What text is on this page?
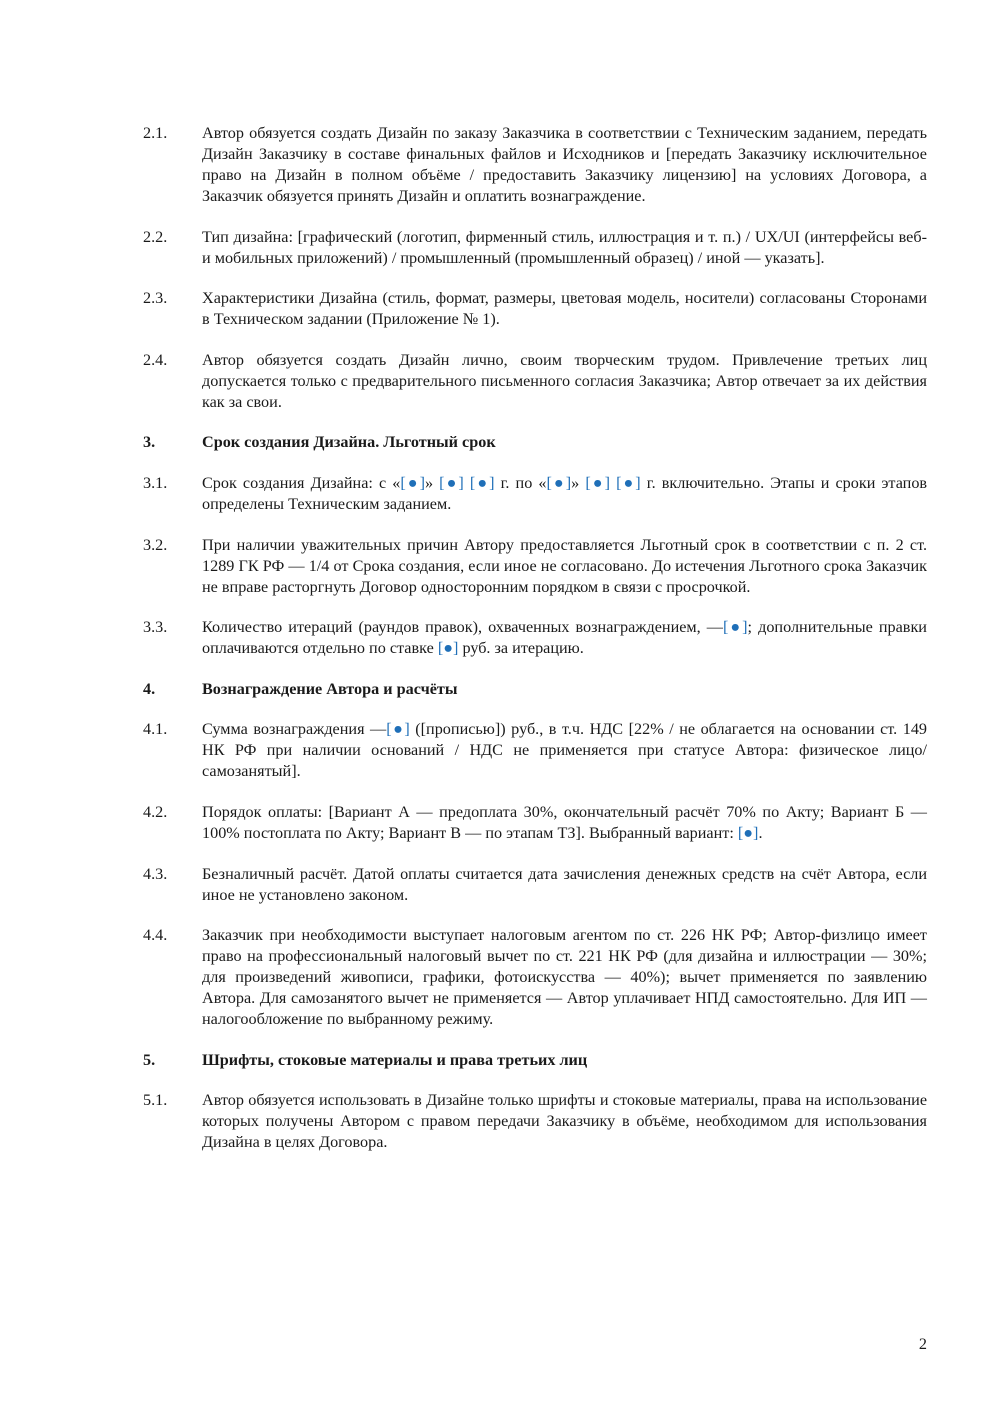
2.1.	Автор обязуется создать Дизайн по заказу Заказчика в соответствии с Техническим заданием, передать Дизайн Заказчику в составе финальных файлов и Исходников и [передать Заказчику исключительное право на Дизайн в полном объёме / предоставить Заказчику лицензию] на условиях Договора, а Заказчик обязуется принять Дизайн и оплатить вознаграждение.
2.2.	Тип дизайна: [графический (логотип, фирменный стиль, иллюстрация и т. п.) / UX/UI (интерфейсы веб- и мобильных приложений) / промышленный (промышленный образец) / иной — указать].
2.3.	Характеристики Дизайна (стиль, формат, размеры, цветовая модель, носители) согласованы Сторонами в Техническом задании (Приложение № 1).
2.4.	Автор обязуется создать Дизайн лично, своим творческим трудом. Привлечение третьих лиц допускается только с предварительного письменного согласия Заказчика; Автор отвечает за их действия как за свои.
3.	Срок создания Дизайна. Льготный срок
3.1.	Срок создания Дизайна: с «[●]» [●] [●] г. по «[●]» [●] [●] г. включительно. Этапы и сроки этапов определены Техническим заданием.
3.2.	При наличии уважительных причин Автору предоставляется Льготный срок в соответствии с п. 2 ст. 1289 ГК РФ — 1/4 от Срока создания, если иное не согласовано. До истечения Льготного срока Заказчик не вправе расторгнуть Договор односторонним порядком в связи с просрочкой.
3.3.	Количество итераций (раундов правок), охваченных вознаграждением, —[●]; дополнительные правки оплачиваются отдельно по ставке [●] руб. за итерацию.
4.	Вознаграждение Автора и расчёты
4.1.	Сумма вознаграждения —[●] ([прописью]) руб., в т.ч. НДС [22% / не облагается на основании ст. 149 НК РФ при наличии оснований / НДС не применяется при статусе Автора: физическое лицо/самозанятый].
4.2.	Порядок оплаты: [Вариант А — предоплата 30%, окончательный расчёт 70% по Акту; Вариант Б — 100% постоплата по Акту; Вариант В — по этапам ТЗ]. Выбранный вариант: [●].
4.3.	Безналичный расчёт. Датой оплаты считается дата зачисления денежных средств на счёт Автора, если иное не установлено законом.
4.4.	Заказчик при необходимости выступает налоговым агентом по ст. 226 НК РФ; Автор-физлицо имеет право на профессиональный налоговый вычет по ст. 221 НК РФ (для дизайна и иллюстрации — 30%; для произведений живописи, графики, фотоискусства — 40%); вычет применяется по заявлению Автора. Для самозанятого вычет не применяется — Автор уплачивает НПД самостоятельно. Для ИП — налогообложение по выбранному режиму.
5.	Шрифты, стоковые материалы и права третьих лиц
5.1.	Автор обязуется использовать в Дизайне только шрифты и стоковые материалы, права на использование которых получены Автором с правом передачи Заказчику в объёме, необходимом для использования Дизайна в целях Договора.
2
